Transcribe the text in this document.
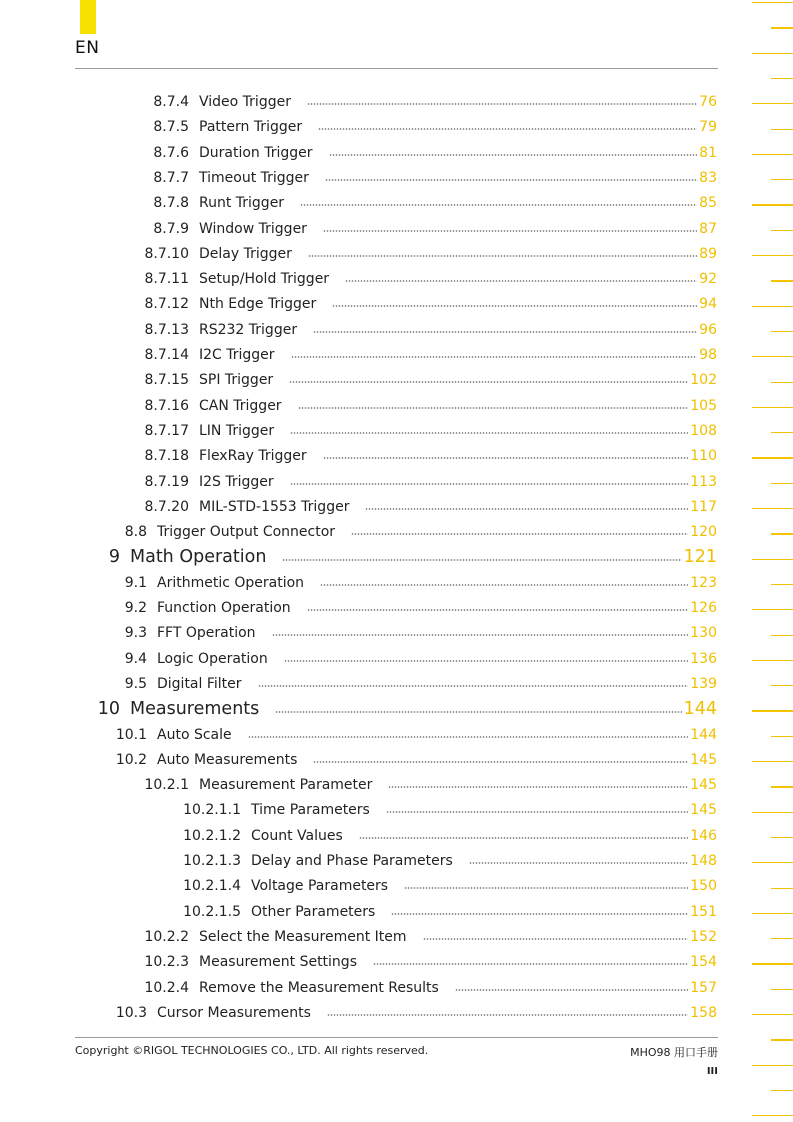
EN
8.7.4 Video Trigger	76
8.7.5 Pattern Trigger	79
8.7.6 Duration Trigger	81
8.7.7 Timeout Trigger	83
8.7.8 Runt Trigger	85
8.7.9 Window Trigger	87
8.7.10 Delay Trigger	89
8.7.11 Setup/Hold Trigger	92
8.7.12 Nth Edge Trigger	94
8.7.13 RS232 Trigger	96
8.7.14 I2C Trigger	98
8.7.15 SPI Trigger	102
8.7.16 CAN Trigger	105
8.7.17 LIN Trigger	108
8.7.18 FlexRay Trigger	110
8.7.19 I2S Trigger	113
8.7.20 MIL-STD-1553 Trigger	117
8.8 Trigger Output Connector	120
9 Math Operation	121
9.1 Arithmetic Operation	123
9.2 Function Operation	126
9.3 FFT Operation	130
9.4 Logic Operation	136
9.5 Digital Filter	139
10 Measurements	144
10.1 Auto Scale	144
10.2 Auto Measurements	145
10.2.1 Measurement Parameter	145
10.2.1.1 Time Parameters	145
10.2.1.2 Count Values	146
10.2.1.3 Delay and Phase Parameters	148
10.2.1.4 Voltage Parameters	150
10.2.1.5 Other Parameters	151
10.2.2 Select the Measurement Item	152
10.2.3 Measurement Settings	154
10.2.4 Remove the Measurement Results	157
10.3 Cursor Measurements	158
Copyright ©RIGOL TECHNOLOGIES CO., LTD. All rights reserved.	MHO98 用口手册
III
